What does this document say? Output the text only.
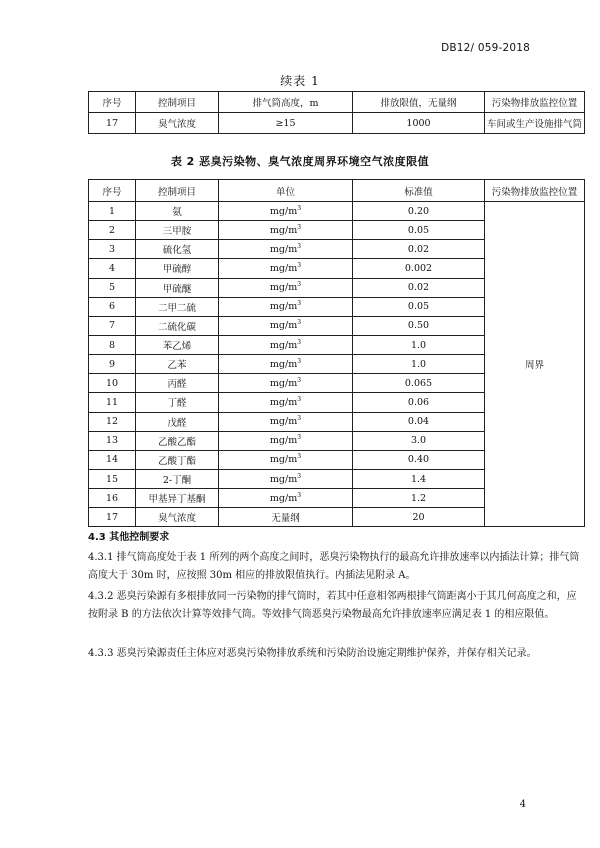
DB12/ 059-2018
续表 1
序号	控制项目	排气筒高度，m	排放限值，无量纲	污染物排放监控位置
17	臭气浓度	≥15	1000	车间或生产设施排气筒
表 2 恶臭污染物、臭气浓度周界环境空气浓度限值
序号	控制项目	单位	标准值	污染物排放监控位置
1	氨	$mg/m^3$	0.20	周界
2	三甲胺	$mg/m^3$	0.05	
3	硫化氢	$mg/m^3$	0.02	
4	甲硫醇	$mg/m^3$	0.002	
5	甲硫醚	$mg/m^3$	0.02	
6	二甲二硫	$mg/m^3$	0.05	
7	二硫化碳	$mg/m^3$	0.50	
8	苯乙烯	$mg/m^3$	1.0	
9	乙苯	$mg/m^3$	1.0	
10	丙醛	$mg/m^3$	0.065	
11	丁醛	$mg/m^3$	0.06	
12	戊醛	$mg/m^3$	0.04	
13	乙酸乙酯	$mg/m^3$	3.0	
14	乙酸丁酯	$mg/m^3$	0.40	
15	2-丁酮	$mg/m^3$	1.4	
16	甲基异丁基酮	$mg/m^3$	1.2	
17	臭气浓度	无量纲	20	
4.3 其他控制要求
4.3.1 排气筒高度处于表 1 所列的两个高度之间时，恶臭污染物执行的最高允许排放速率以内插法计算；排气筒高度大于 30m 时，应按照 30m 相应的排放限值执行。内插法见附录 A。
4.3.2 恶臭污染源有多根排放同一污染物的排气筒时，若其中任意相邻两根排气筒距离小于其几何高度之和，应按附录 B 的方法依次计算等效排气筒。等效排气筒恶臭污染物最高允许排放速率应满足表 1 的相应限值。
4.3.3 恶臭污染源责任主体应对恶臭污染物排放系统和污染防治设施定期维护保养，并保存相关记录。
4
